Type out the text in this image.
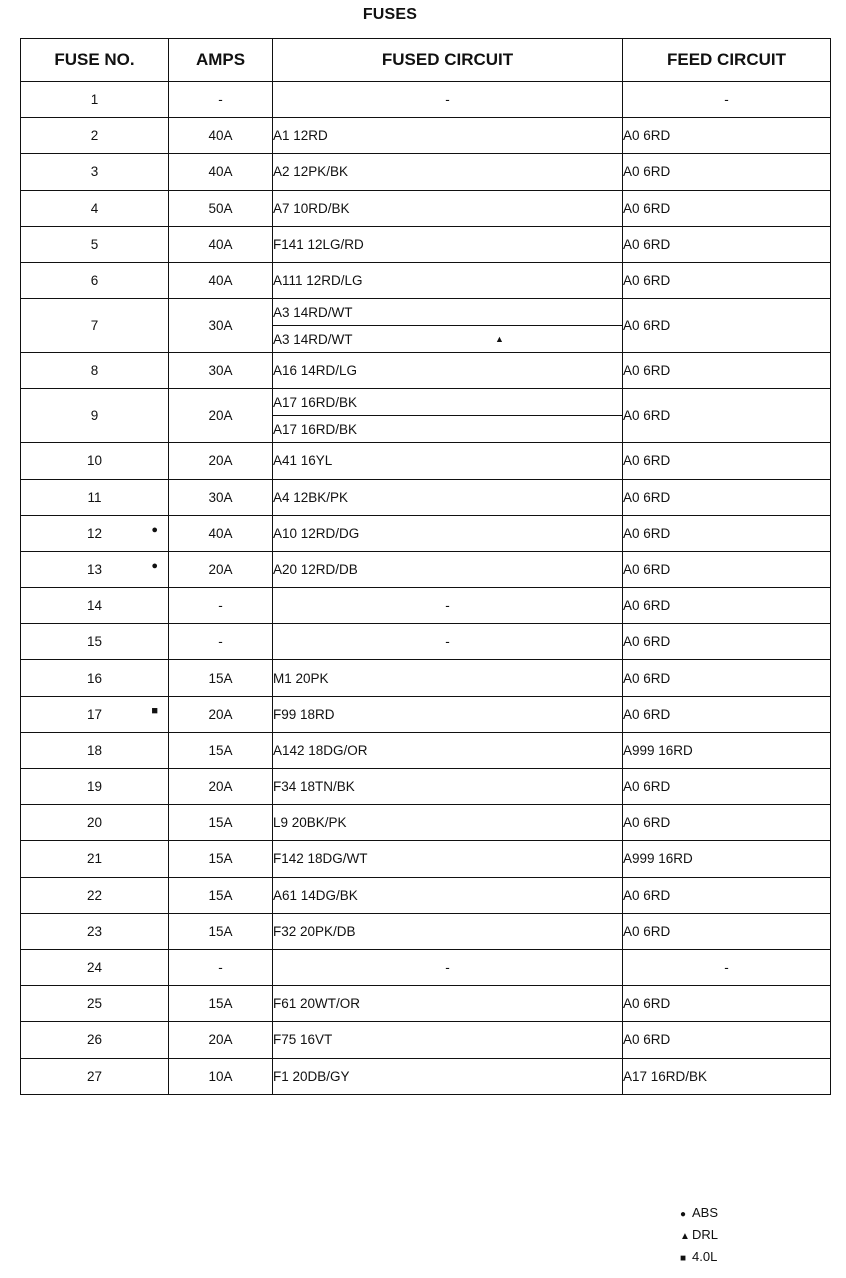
FUSES
FUSE NO.	AMPS	FUSED CIRCUIT	FEED CIRCUIT
1	-	-	-
2	40A	A1 12RD	A0 6RD
3	40A	A2 12PK/BK	A0 6RD
4	50A	A7 10RD/BK	A0 6RD
5	40A	F141 12LG/RD	A0 6RD
6	40A	A111 12RD/LG	A0 6RD
7	30A	A3 14RD/WT	A0 6RD
		A3 14RD/WT ▲	

8	30A	A16 14RD/LG	A0 6RD
9	20A	A17 16RD/BK	A0 6RD
		A17 16RD/BK	
10	20A	A41 16YL	A0 6RD
11	30A	A4 12BK/PK	A0 6RD
12 ●	40A	A10 12RD/DG	A0 6RD
13 ●	20A	A20 12RD/DB	A0 6RD
14	-	-	A0 6RD
15	-	-	A0 6RD
16	15A	M1 20PK	A0 6RD
17 ■	20A	F99 18RD	A0 6RD
18	15A	A142 18DG/OR	A999 16RD
19	20A	F34 18TN/BK	A0 6RD
20	15A	L9 20BK/PK	A0 6RD
21	15A	F142 18DG/WT	A999 16RD
22	15A	A61 14DG/BK	A0 6RD
23	15A	F32 20PK/DB	A0 6RD
24	-	-	-
25	15A	F61 20WT/OR	A0 6RD
26	20A	F75 16VT	A0 6RD
27	10A	F1 20DB/GY	A17 16RD/BK
● ABS
▲ DRL
■ 4.0L
